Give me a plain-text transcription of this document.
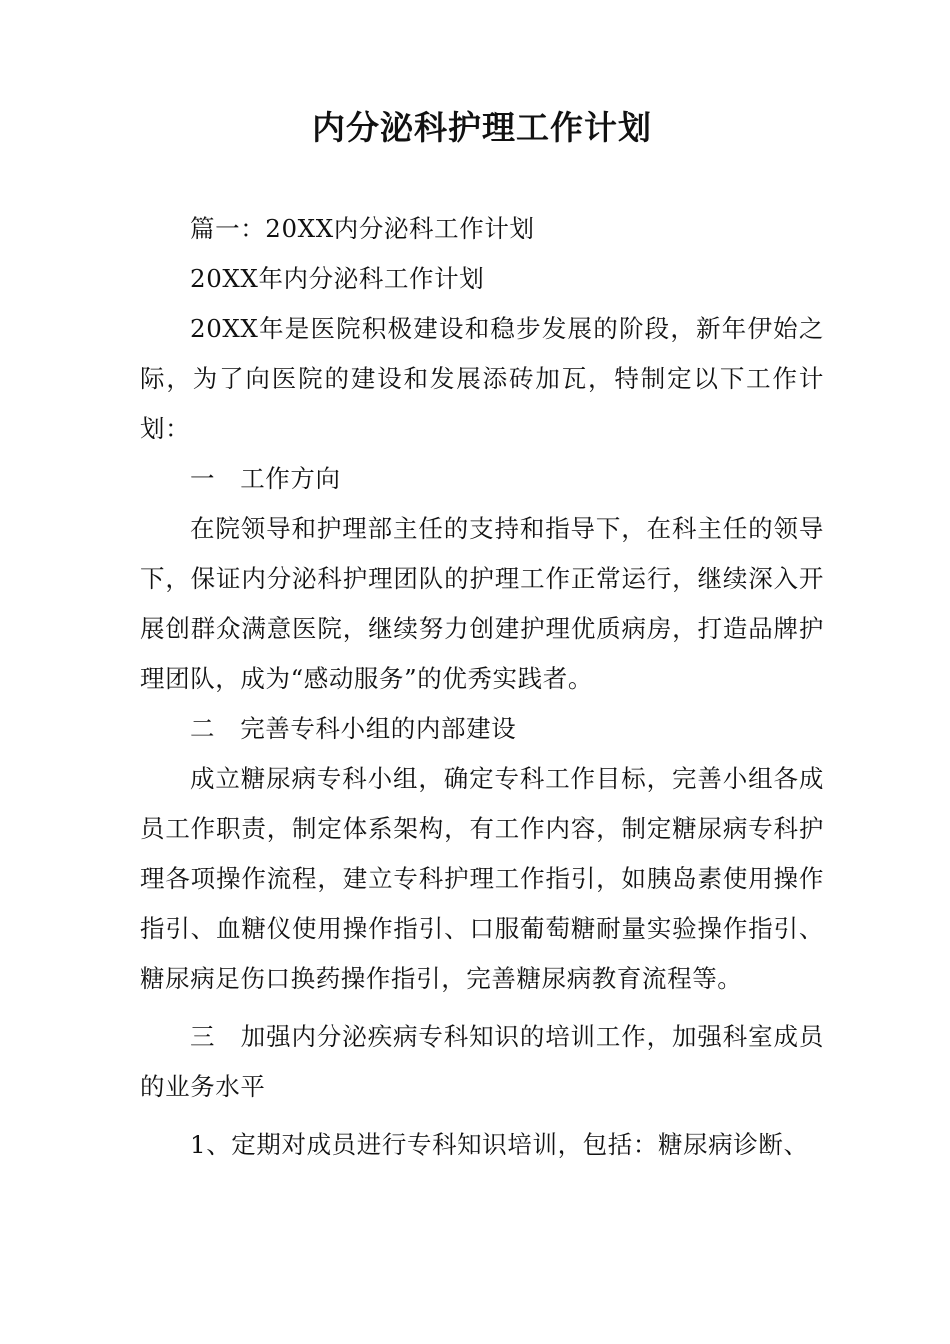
内分泌科护理工作计划

篇一：20XX内分泌科工作计划

20XX年内分泌科工作计划

20XX年是医院积极建设和稳步发展的阶段，新年伊始之际，为了向医院的建设和发展添砖加瓦，特制定以下工作计划：

一　工作方向

在院领导和护理部主任的支持和指导下，在科主任的领导下，保证内分泌科护理团队的护理工作正常运行，继续深入开展创群众满意医院，继续努力创建护理优质病房，打造品牌护理团队，成为“感动服务”的优秀实践者。

二　完善专科小组的内部建设

成立糖尿病专科小组，确定专科工作目标，完善小组各成员工作职责，制定体系架构，有工作内容，制定糖尿病专科护理各项操作流程，建立专科护理工作指引，如胰岛素使用操作指引、血糖仪使用操作指引、口服葡萄糖耐量实验操作指引、糖尿病足伤口换药操作指引，完善糖尿病教育流程等。

三　加强内分泌疾病专科知识的培训工作，加强科室成员的业务水平

1、定期对成员进行专科知识培训，包括：糖尿病诊断、
